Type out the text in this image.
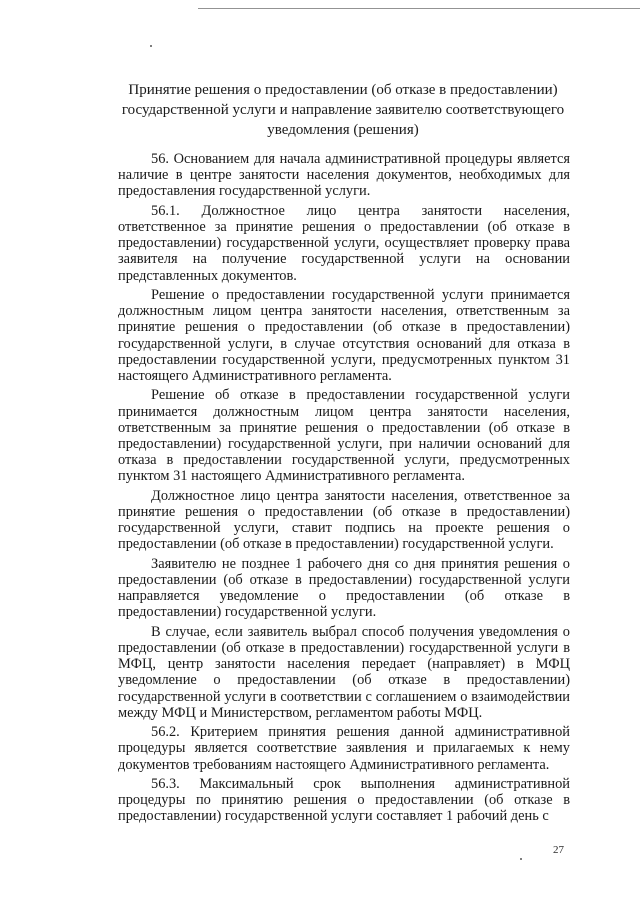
Принятие решения о предоставлении (об отказе в предоставлении)
государственной услуги и направление заявителю соответствующего
уведомления (решения)

56. Основанием для начала административной процедуры является наличие в центре занятости населения документов, необходимых для предоставления государственной услуги.

56.1. Должностное лицо центра занятости населения, ответственное за принятие решения о предоставлении (об отказе в предоставлении) государственной услуги, осуществляет проверку права заявителя на получение государственной услуги на основании представленных документов.

Решение о предоставлении государственной услуги принимается должностным лицом центра занятости населения, ответственным за принятие решения о предоставлении (об отказе в предоставлении) государственной услуги, в случае отсутствия оснований для отказа в предоставлении государственной услуги, предусмотренных пунктом 31 настоящего Административного регламента.

Решение об отказе в предоставлении государственной услуги принимается должностным лицом центра занятости населения, ответственным за принятие решения о предоставлении (об отказе в предоставлении) государственной услуги, при наличии оснований для отказа в предоставлении государственной услуги, предусмотренных пунктом 31 настоящего Административного регламента.

Должностное лицо центра занятости населения, ответственное за принятие решения о предоставлении (об отказе в предоставлении) государственной услуги, ставит подпись на проекте решения о предоставлении (об отказе в предоставлении) государственной услуги.

Заявителю не позднее 1 рабочего дня со дня принятия решения о предоставлении (об отказе в предоставлении) государственной услуги направляется уведомление о предоставлении (об отказе в предоставлении) государственной услуги.

В случае, если заявитель выбрал способ получения уведомления о предоставлении (об отказе в предоставлении) государственной услуги в МФЦ, центр занятости населения передает (направляет) в МФЦ уведомление о предоставлении (об отказе в предоставлении) государственной услуги в соответствии с соглашением о взаимодействии между МФЦ и Министерством, регламентом работы МФЦ.

56.2. Критерием принятия решения данной административной процедуры является соответствие заявления и прилагаемых к нему документов требованиям настоящего Административного регламента.

56.3. Максимальный срок выполнения административной процедуры по принятию решения о предоставлении (об отказе в предоставлении) государственной услуги составляет 1 рабочий день с

27
